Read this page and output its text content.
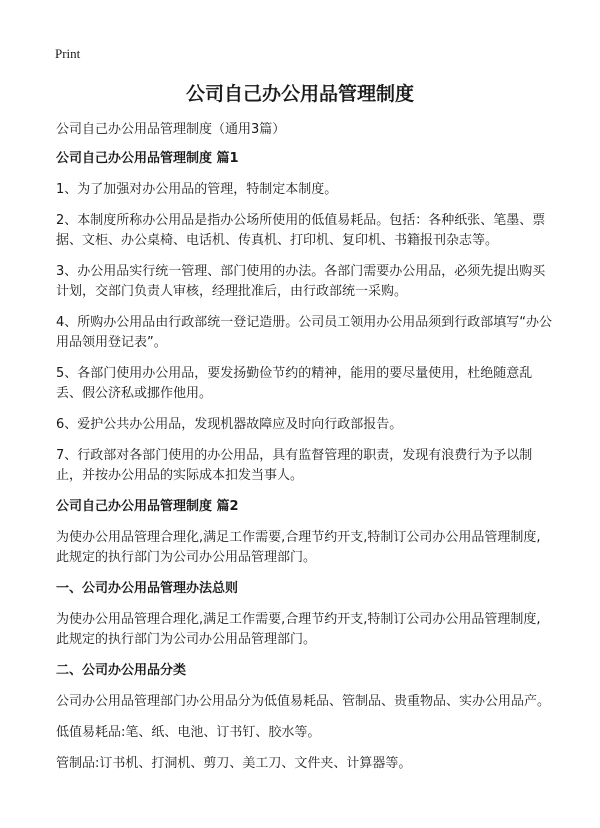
Print
公司自己办公用品管理制度
公司自己办公用品管理制度（通用3篇）
公司自己办公用品管理制度 篇1

1、为了加强对办公用品的管理，特制定本制度。

2、本制度所称办公用品是指办公场所使用的低值易耗品。包括：各种纸张、笔墨、票据、文柜、办公桌椅、电话机、传真机、打印机、复印机、书籍报刊杂志等。

3、办公用品实行统一管理、部门使用的办法。各部门需要办公用品，必须先提出购买计划，交部门负责人审核，经理批准后，由行政部统一采购。

4、所购办公用品由行政部统一登记造册。公司员工领用办公用品须到行政部填写“办公用品领用登记表”。

5、各部门使用办公用品，要发扬勤俭节约的精神，能用的要尽量使用，杜绝随意乱丢、假公济私或挪作他用。

6、爱护公共办公用品，发现机器故障应及时向行政部报告。

7、行政部对各部门使用的办公用品，具有监督管理的职责，发现有浪费行为予以制止，并按办公用品的实际成本扣发当事人。

公司自己办公用品管理制度 篇2

为使办公用品管理合理化,满足工作需要,合理节约开支,特制订公司办公用品管理制度,此规定的执行部门为公司办公用品管理部门。

一、公司办公用品管理办法总则

为使办公用品管理合理化,满足工作需要,合理节约开支,特制订公司办公用品管理制度,此规定的执行部门为公司办公用品管理部门。

二、公司办公用品分类

公司办公用品管理部门办公用品分为低值易耗品、管制品、贵重物品、实办公用品产。

低值易耗品:笔、纸、电池、订书钉、胶水等。

管制品:订书机、打洞机、剪刀、美工刀、文件夹、计算器等。
